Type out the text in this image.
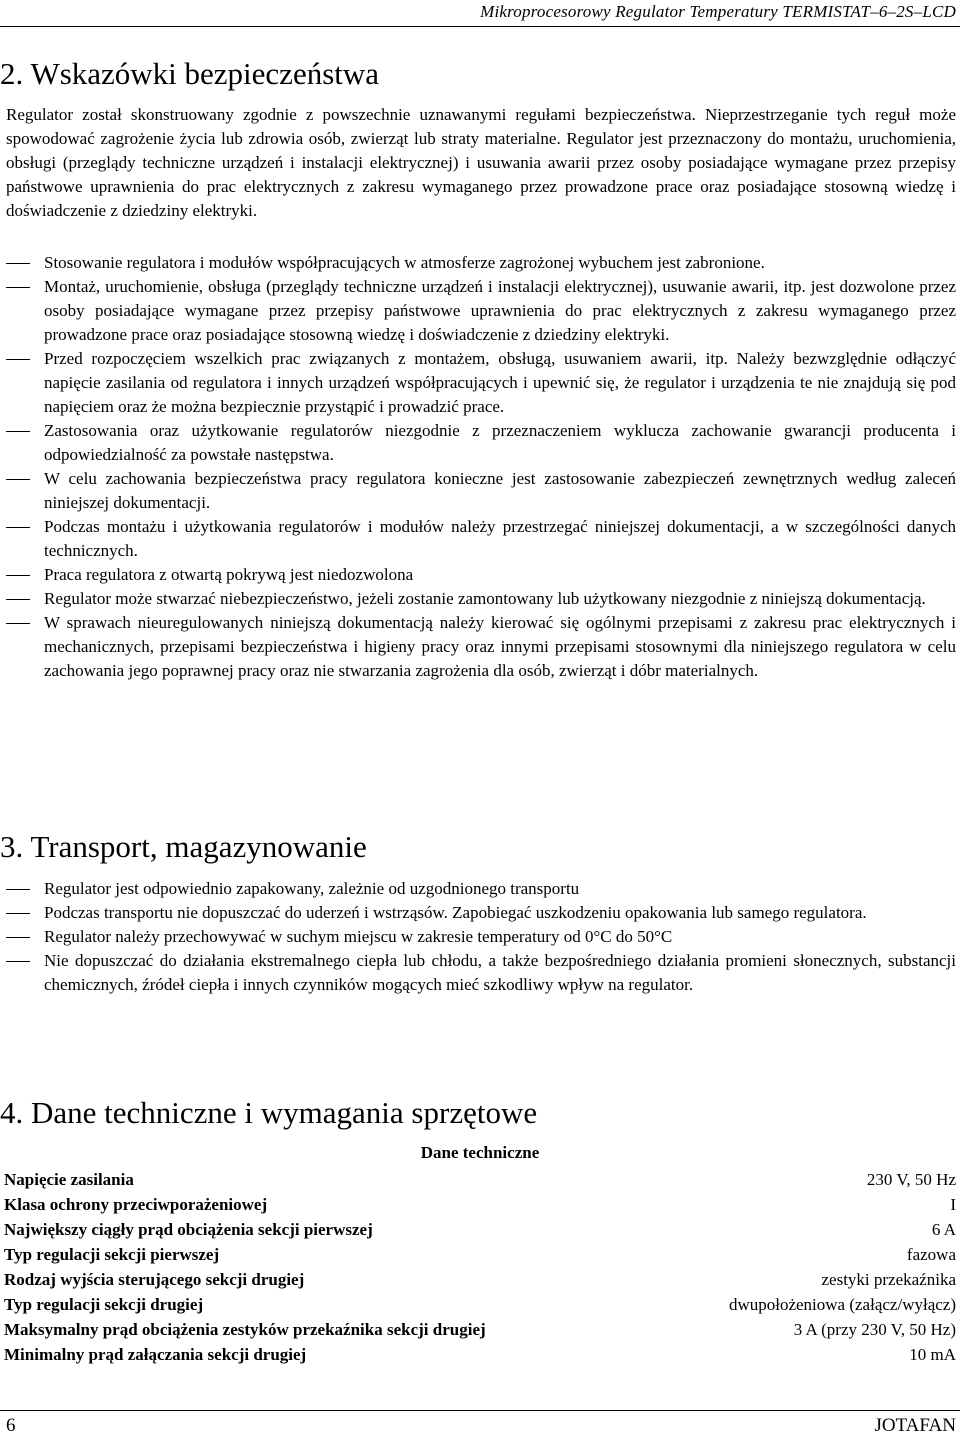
Mikroprocesorowy Regulator Temperatury TERMISTAT–6–2S–LCD
2. Wskazówki bezpieczeństwa

Regulator został skonstruowany zgodnie z powszechnie uznawanymi regułami bezpieczeństwa. Nieprzestrzeganie tych reguł może spowodować zagrożenie życia lub zdrowia osób, zwierząt lub straty materialne. Regulator jest przeznaczony do montażu, uruchomienia, obsługi (przeglądy techniczne urządzeń i instalacji elektrycznej) i usuwania awarii przez osoby posiadające wymagane przez przepisy państwowe uprawnienia do prac elektrycznych z zakresu wymaganego przez prowadzone prace oraz posiadające stosowną wiedzę i doświadczenie z dziedziny elektryki.

Stosowanie regulatora i modułów współpracujących w atmosferze zagrożonej wybuchem jest zabronione.
Montaż, uruchomienie, obsługa (przeglądy techniczne urządzeń i instalacji elektrycznej), usuwanie awarii, itp. jest dozwolone przez osoby posiadające wymagane przez przepisy państwowe uprawnienia do prac elektrycznych z zakresu wymaganego przez prowadzone prace oraz posiadające stosowną wiedzę i doświadczenie z dziedziny elektryki.
Przed rozpoczęciem wszelkich prac związanych z montażem, obsługą, usuwaniem awarii, itp. Należy bezwzględnie odłączyć napięcie zasilania od regulatora i innych urządzeń współpracujących i upewnić się, że regulator i urządzenia te nie znajdują się pod napięciem oraz że można bezpiecznie przystąpić i prowadzić prace.
Zastosowania oraz użytkowanie regulatorów niezgodnie z przeznaczeniem wyklucza zachowanie gwarancji producenta i odpowiedzialność za powstałe następstwa.
W celu zachowania bezpieczeństwa pracy regulatora konieczne jest zastosowanie zabezpieczeń zewnętrznych według zaleceń niniejszej dokumentacji.
Podczas montażu i użytkowania regulatorów i modułów należy przestrzegać niniejszej dokumentacji, a w szczególności danych technicznych.
Praca regulatora z otwartą pokrywą jest niedozwolona
Regulator może stwarzać niebezpieczeństwo, jeżeli zostanie zamontowany lub użytkowany niezgodnie z niniejszą dokumentacją.
W sprawach nieuregulowanych niniejszą dokumentacją należy kierować się ogólnymi przepisami z zakresu prac elektrycznych i mechanicznych, przepisami bezpieczeństwa i higieny pracy oraz innymi przepisami stosownymi dla niniejszego regulatora w celu zachowania jego poprawnej pracy oraz nie stwarzania zagrożenia dla osób, zwierząt i dóbr materialnych.
3. Transport, magazynowanie
Regulator jest odpowiednio zapakowany, zależnie od uzgodnionego transportu
Podczas transportu nie dopuszczać do uderzeń i wstrząsów. Zapobiegać uszkodzeniu opakowania lub samego regulatora.
Regulator należy przechowywać w suchym miejscu w zakresie temperatury od 0°C do 50°C
Nie dopuszczać do działania ekstremalnego ciepła lub chłodu, a także bezpośredniego działania promieni słonecznych, substancji chemicznych, źródeł ciepła i innych czynników mogących mieć szkodliwy wpływ na regulator.
4. Dane techniczne i wymagania sprzętowe
Dane techniczne
Napięcie zasilania	230 V, 50 Hz
Klasa ochrony przeciwporażeniowej	I
Największy ciągły prąd obciążenia sekcji pierwszej	6 A
Typ regulacji sekcji pierwszej	fazowa
Rodzaj wyjścia sterującego sekcji drugiej	zestyki przekaźnika
Typ regulacji sekcji drugiej	dwupołożeniowa (załącz/wyłącz)
Maksymalny prąd obciążenia zestyków przekaźnika sekcji drugiej	3 A (przy 230 V, 50 Hz)
Minimalny prąd załączania sekcji drugiej	10 mA
6	JOTAFAN
